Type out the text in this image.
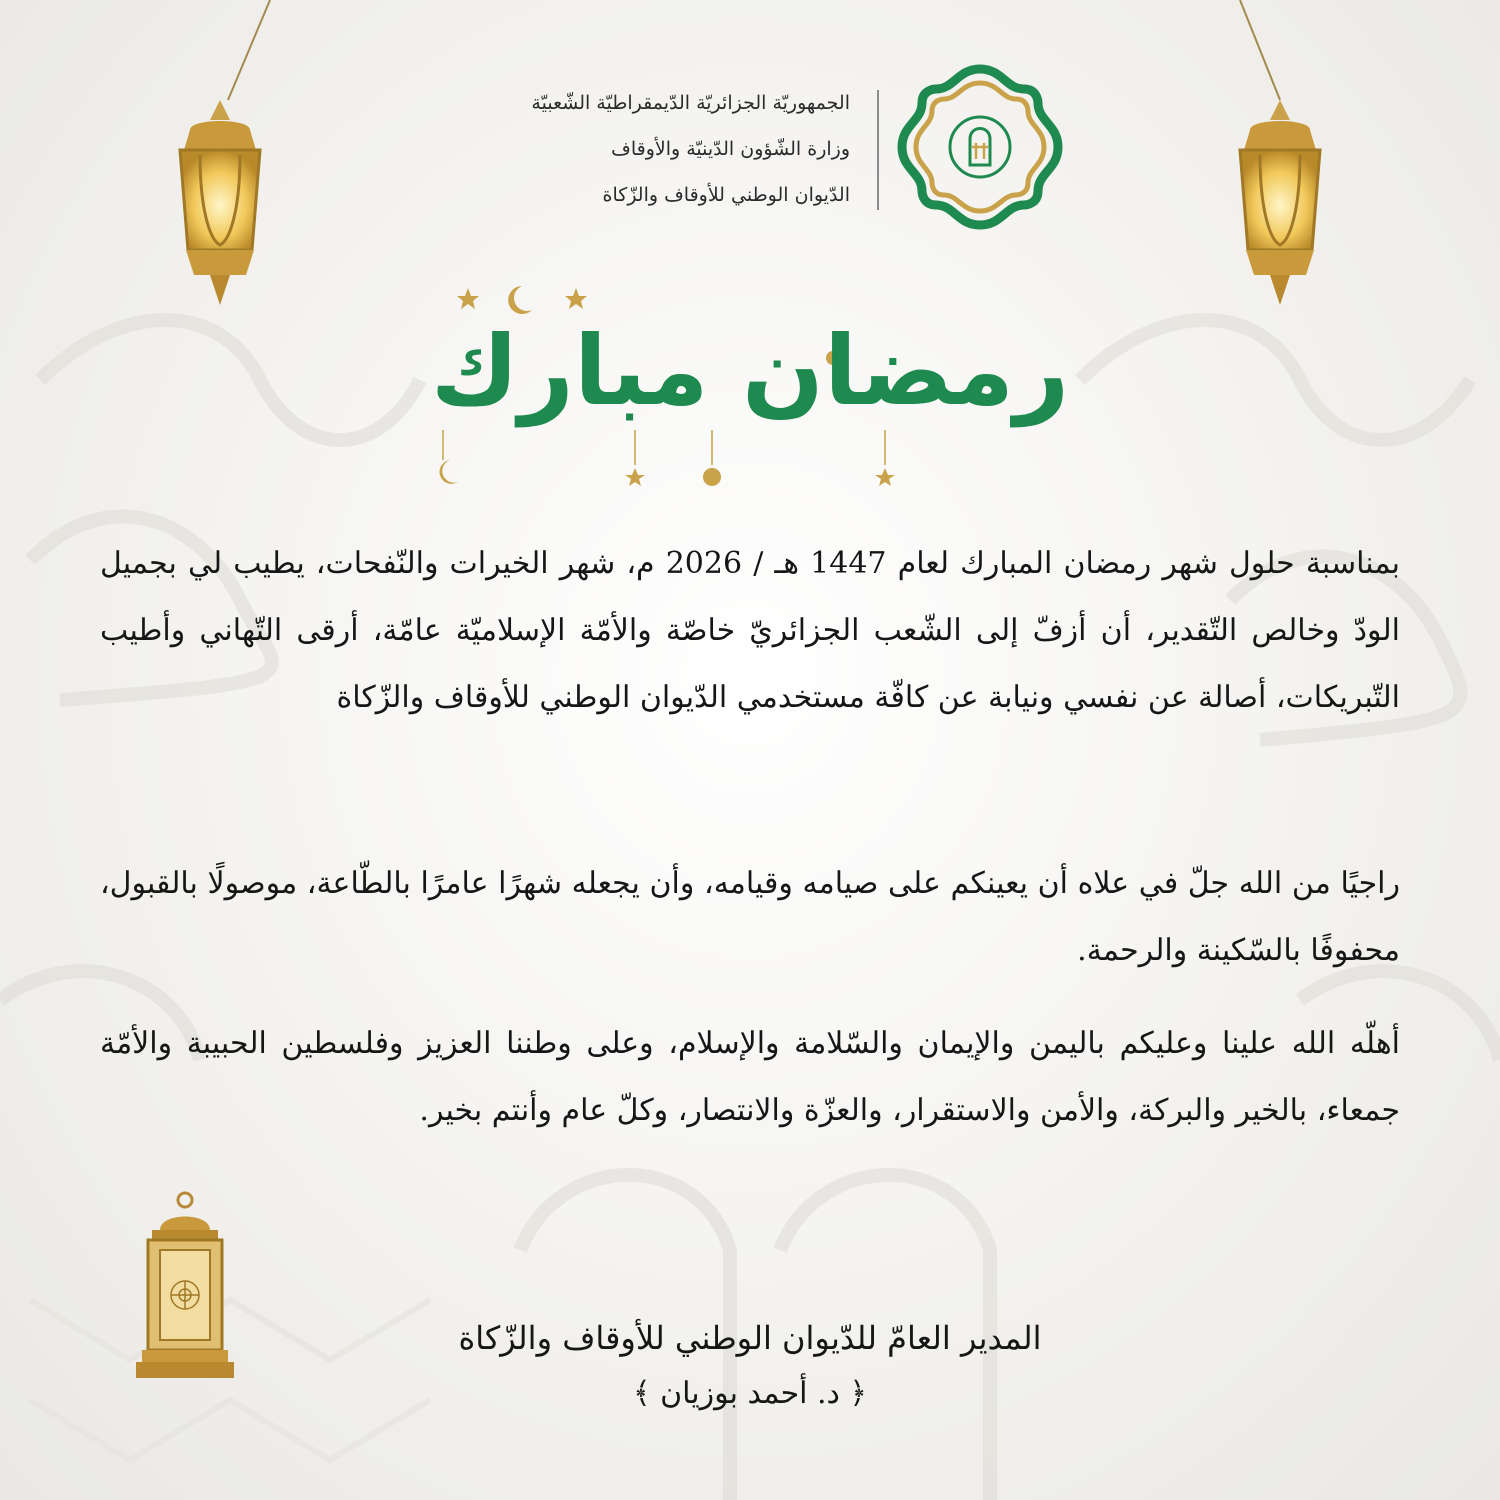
الجمهوريّة الجزائريّة الدّيمقراطيّة الشّعبيّة
وزارة الشّؤون الدّينيّة والأوقاف
الدّيوان الوطني للأوقاف والزّكاة
رمضان مبارك

بمناسبة حلول شهر رمضان المبارك لعام 1447 هـ / 2026 م، شهر الخيرات والنّفحات، يطيب لي بجميل الودّ وخالص التّقدير، أن أزفّ إلى الشّعب الجزائريّ خاصّة والأمّة الإسلاميّة عامّة، أرقى التّهاني وأطيب التّبريكات، أصالة عن نفسي ونيابة عن كافّة مستخدمي الدّيوان الوطني للأوقاف والزّكاة

راجيًا من الله جلّ في علاه أن يعينكم على صيامه وقيامه، وأن يجعله شهرًا عامرًا بالطّاعة، موصولًا بالقبول، محفوفًا بالسّكينة والرحمة.

أهلّه الله علينا وعليكم باليمن والإيمان والسّلامة والإسلام، وعلى وطننا العزيز وفلسطين الحبيبة والأمّة جمعاء، بالخير والبركة، والأمن والاستقرار، والعزّة والانتصار، وكلّ عام وأنتم بخير.

المدير العامّ للدّيوان الوطني للأوقاف والزّكاة
﴿ د. أحمد بوزيان ﴾
